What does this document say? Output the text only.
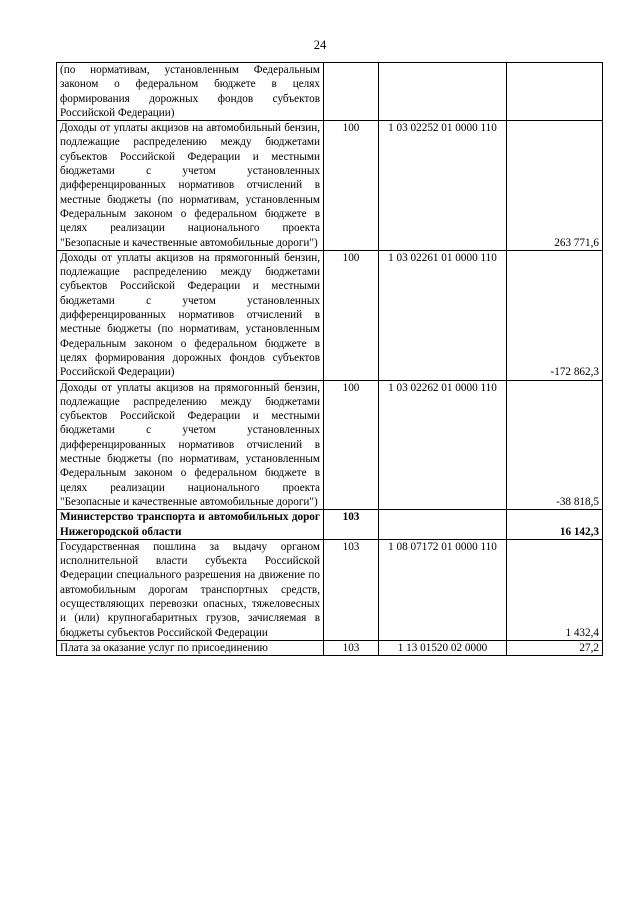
24
(по нормативам, установленным Федеральным законом о федеральном бюджете в целях формирования дорожных фондов субъектов Российской Федерации)			
Доходы от уплаты акцизов на автомобильный бензин, подлежащие распределению между бюджетами субъектов Российской Федерации и местными бюджетами с учетом установленных дифференцированных нормативов отчислений в местные бюджеты (по нормативам, установленным Федеральным законом о федеральном бюджете в целях реализации национального проекта "Безопасные и качественные автомобильные дороги")	100	1 03 02252 01 0000 110	263 771,6
Доходы от уплаты акцизов на прямогонный бензин, подлежащие распределению между бюджетами субъектов Российской Федерации и местными бюджетами с учетом установленных дифференцированных нормативов отчислений в местные бюджеты (по нормативам, установленным Федеральным законом о федеральном бюджете в целях формирования дорожных фондов субъектов Российской Федерации)	100	1 03 02261 01 0000 110	-172 862,3
Доходы от уплаты акцизов на прямогонный бензин, подлежащие распределению между бюджетами субъектов Российской Федерации и местными бюджетами с учетом установленных дифференцированных нормативов отчислений в местные бюджеты (по нормативам, установленным Федеральным законом о федеральном бюджете в целях реализации национального проекта "Безопасные и качественные автомобильные дороги")	100	1 03 02262 01 0000 110	-38 818,5
Министерство транспорта и автомобильных дорог Нижегородской области	103		16 142,3
Государственная пошлина за выдачу органом исполнительной власти субъекта Российской Федерации специального разрешения на движение по автомобильным дорогам транспортных средств, осуществляющих перевозки опасных, тяжеловесных и (или) крупногабаритных грузов, зачисляемая в бюджеты субъектов Российской Федерации	103	1 08 07172 01 0000 110	1 432,4
Плата за оказание услуг по присоединению	103	1 13 01520 02 0000	27,2
